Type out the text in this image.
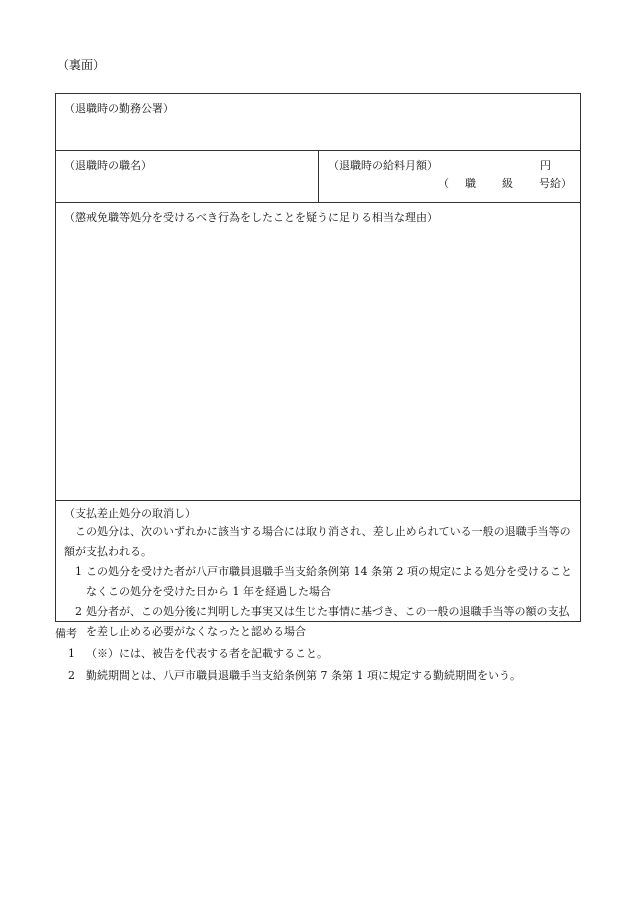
（裏面）
（退職時の勤務公署）
（退職時の職名）	（退職時の給料月額）	円
（ 職 級 号給）
（懲戒免職等処分を受けるべき行為をしたことを疑うに足りる相当な理由）
（支払差止処分の取消し）
この処分は、次のいずれかに該当する場合には取り消され、差し止められている一般の退職手当等の額が支払われる。
1 この処分を受けた者が八戸市職員退職手当支給条例第 14 条第 2 項の規定による処分を受けることなくこの処分を受けた日から 1 年を経過した場合
2 処分者が、この処分後に判明した事実又は生じた事情に基づき、この一般の退職手当等の額の支払を差し止める必要がなくなったと認める場合
備考
1 （※）には、被告を代表する者を記載すること。
2 勤続期間とは、八戸市職員退職手当支給条例第 7 条第 1 項に規定する勤続期間をいう。
